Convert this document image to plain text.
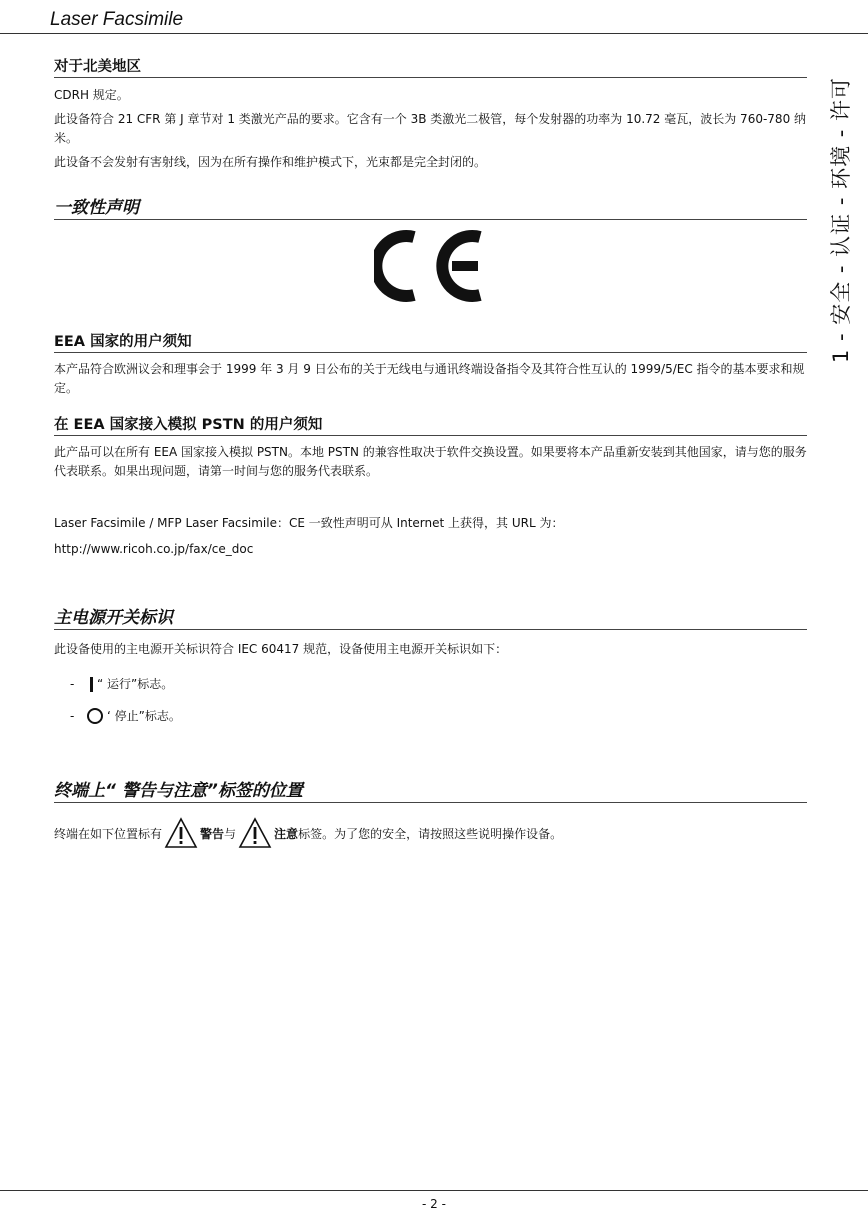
Laser Facsimile
1 - 安全 - 认证 - 环境 - 许可
对于北美地区
CDRH 规定。
此设备符合 21 CFR 第 J 章节对 1 类激光产品的要求。它含有一个 3B 类激光二极管，每个发射器的功率为 10.72 毫瓦，波长为 760-780 纳米。
此设备不会发射有害射线，因为在所有操作和维护模式下，光束都是完全封闭的。
一致性声明
EEA 国家的用户须知
本产品符合欧洲议会和理事会于 1999 年 3 月 9 日公布的关于无线电与通讯终端设备指令及其符合性互认的 1999/5/EC 指令的基本要求和规定。
在 EEA 国家接入模拟 PSTN 的用户须知
此产品可以在所有 EEA 国家接入模拟 PSTN。本地 PSTN 的兼容性取决于软件交换设置。如果要将本产品重新安装到其他国家，请与您的服务代表联系。如果出现问题，请第一时间与您的服务代表联系。
Laser Facsimile / MFP Laser Facsimile：CE 一致性声明可从 Internet 上获得，其 URL 为：
http://www.ricoh.co.jp/fax/ce_doc
主电源开关标识
此设备使用的主电源开关标识符合 IEC 60417 规范，设备使用主电源开关标识如下：
-	“ 运行”标志。
-	‘ 停止”标志。
终端上“ 警告与注意”标签的位置
终端在如下位置标有	警告 与	注意 标签。为了您的安全，请按照这些说明操作设备。
- 2 -
